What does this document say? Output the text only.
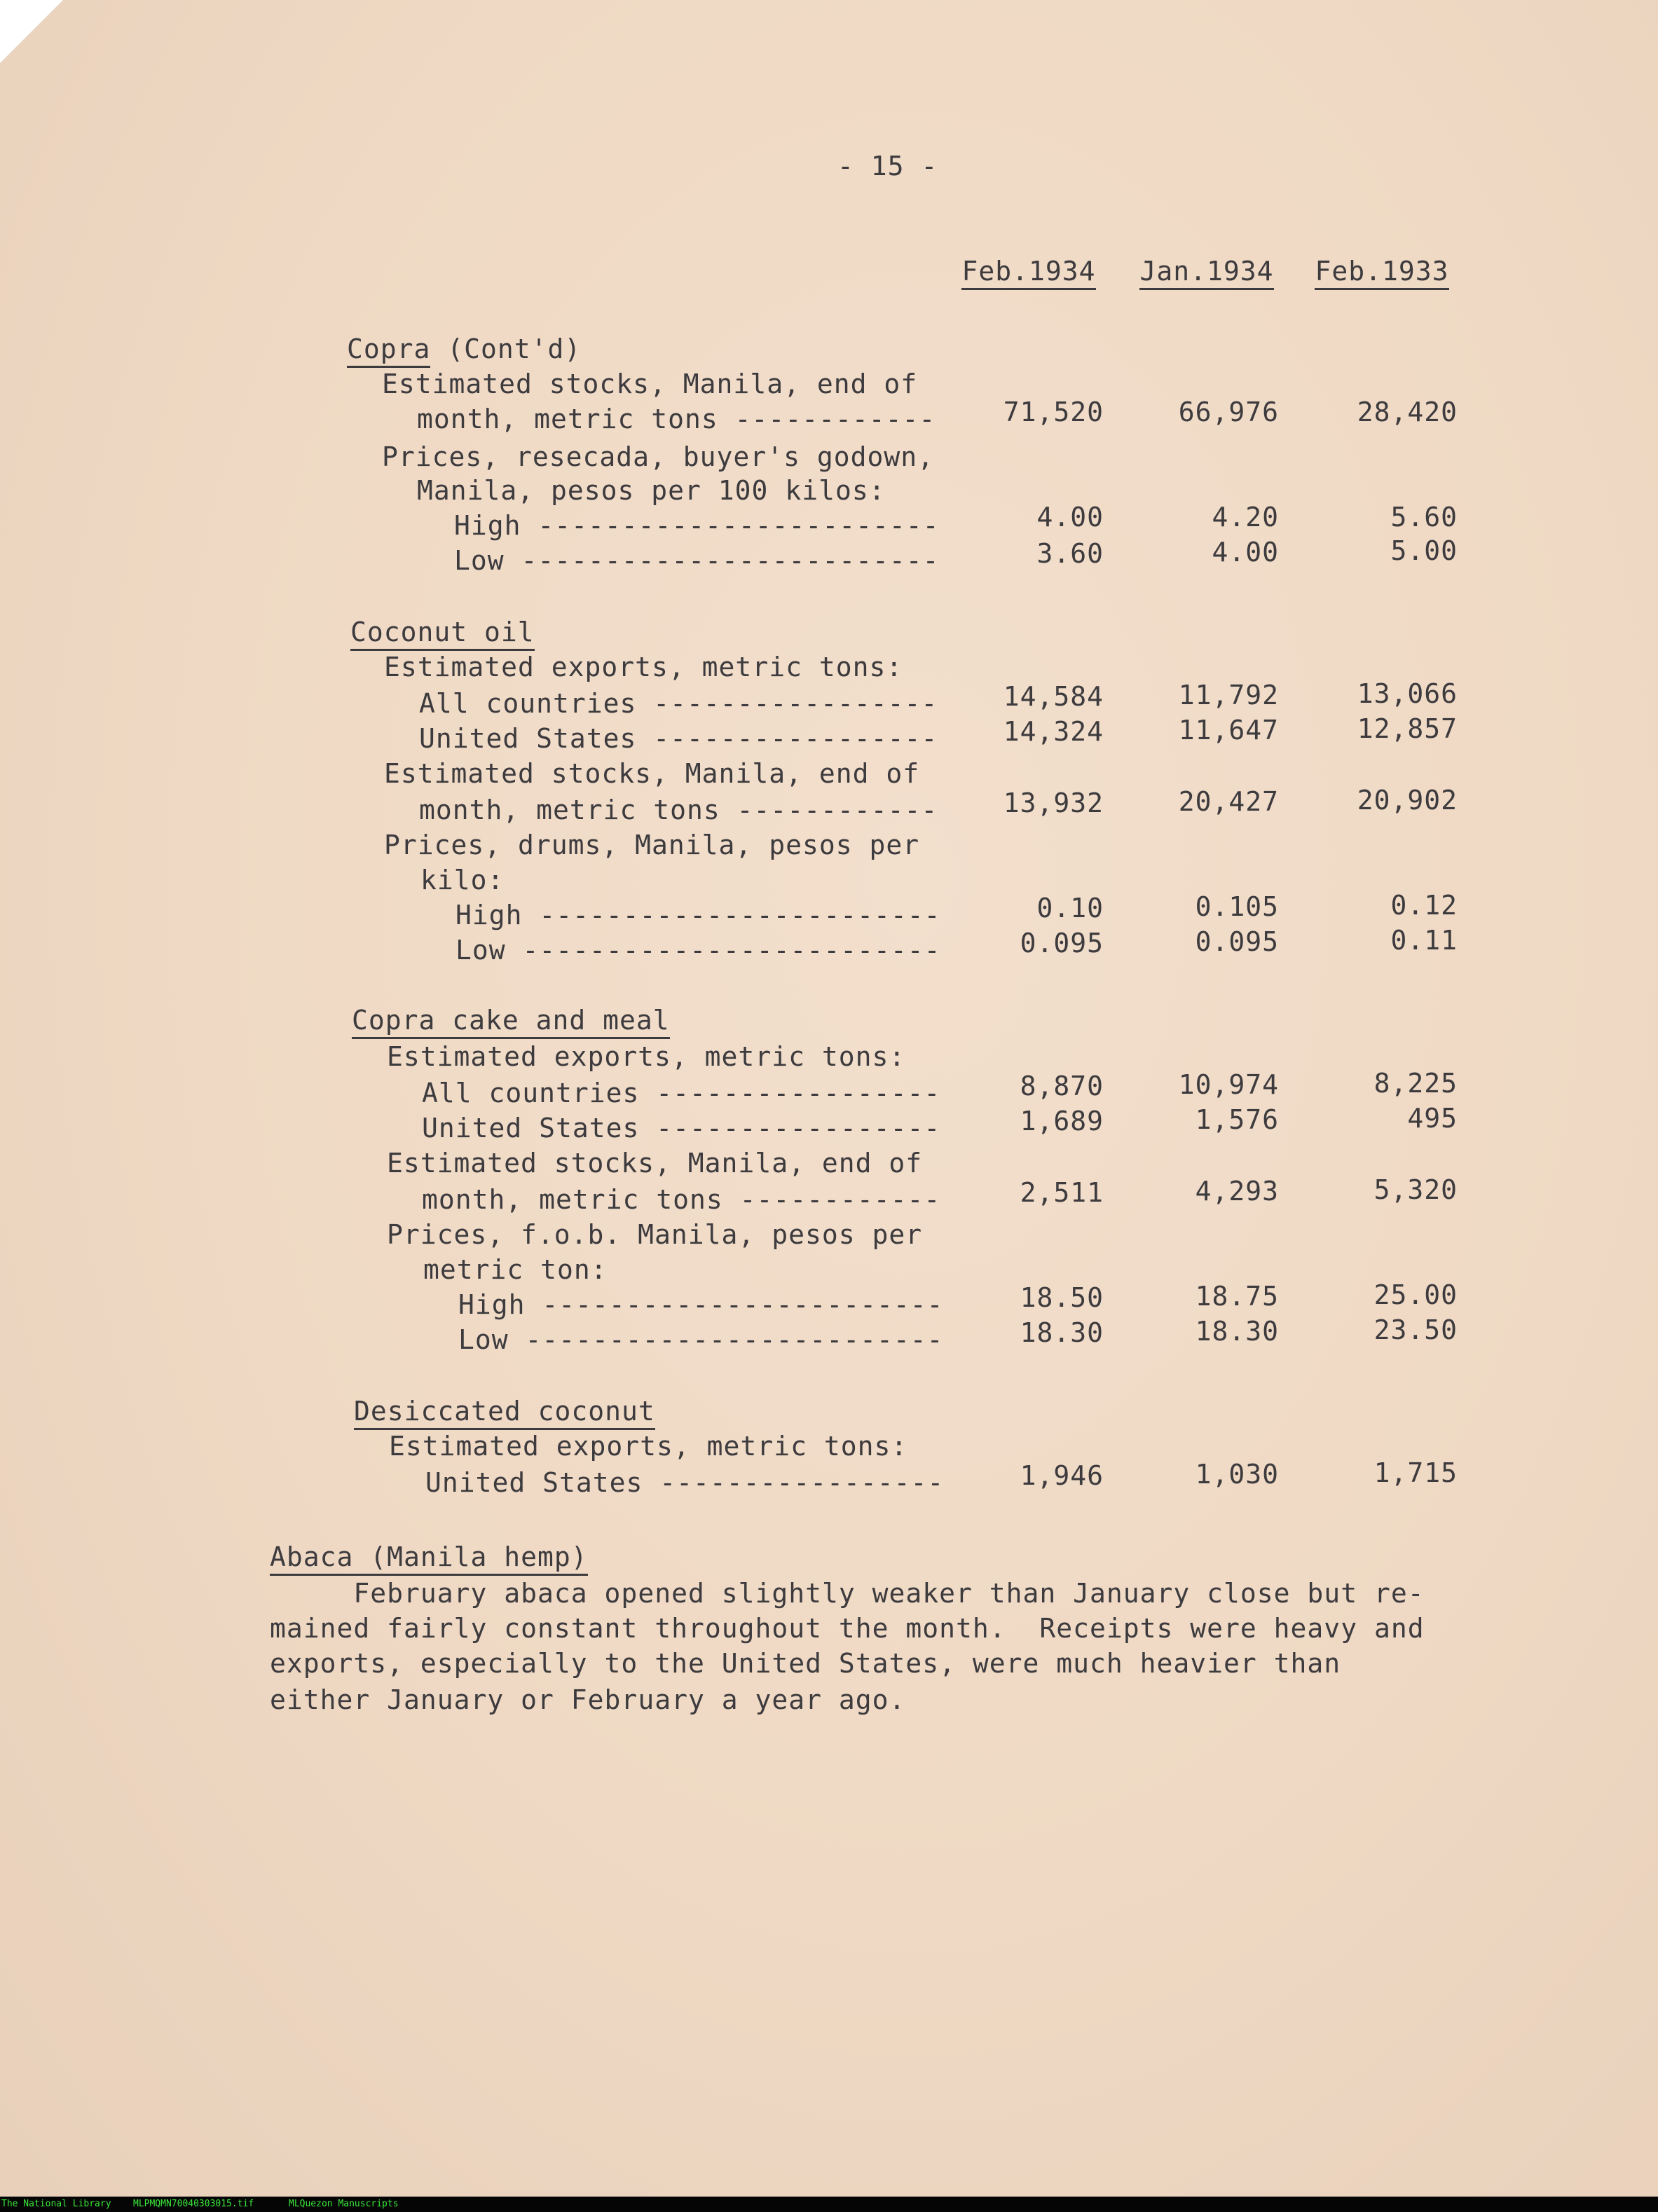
- 15 -
Feb.1934	Jan.1934	Feb.1933
Copra (Cont'd)
Estimated stocks, Manila, end of
month, metric tons ------------	71,520	66,976	28,420
Prices, resecada, buyer's godown,
Manila, pesos per 100 kilos:
High ------------------------	4.00	4.20	5.60
Low -------------------------	3.60	4.00	5.00
Coconut oil
Estimated exports, metric tons:
All countries -----------------	14,584	11,792	13,066
United States -----------------	14,324	11,647	12,857
Estimated stocks, Manila, end of
month, metric tons ------------	13,932	20,427	20,902
Prices, drums, Manila, pesos per
kilo:
High ------------------------	0.10	0.105	0.12
Low -------------------------	0.095	0.095	0.11
Copra cake and meal
Estimated exports, metric tons:
All countries -----------------	8,870	10,974	8,225
United States -----------------	1,689	1,576	495
Estimated stocks, Manila, end of
month, metric tons ------------	2,511	4,293	5,320
Prices, f.o.b. Manila, pesos per
metric ton:
High ------------------------	18.50	18.75	25.00
Low -------------------------	18.30	18.30	23.50
Desiccated coconut
Estimated exports, metric tons:
United States -----------------	1,946	1,030	1,715
Abaca (Manila hemp)
February abaca opened slightly weaker than January close but re-
mained fairly constant throughout the month.  Receipts were heavy and
exports, especially to the United States, were much heavier than
either January or February a year ago.
The National Library MLPMQMN70040303015.tif	MLQuezon Manuscripts
